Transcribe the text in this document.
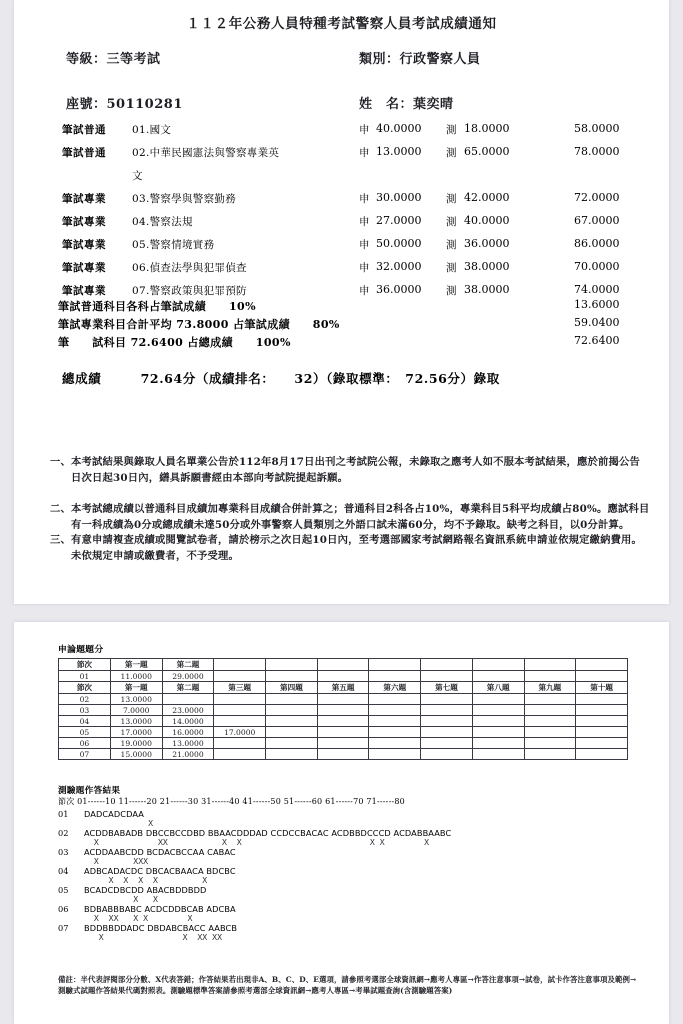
１１２年公務人員特種考試警察人員考試成績通知
等級：三等考試	類別：行政警察人員
座號：50110281	姓　名：葉奕晴
筆試普通 01.國文	申 40.0000 測 18.0000	58.0000
筆試普通 02.中華民國憲法與警察專業英	申 13.0000 測 65.0000	78.0000
文
筆試專業 03.警察學與警察勤務	申 30.0000 測 42.0000	72.0000
筆試專業 04.警察法規	申 27.0000 測 40.0000	67.0000
筆試專業 05.警察情境實務	申 50.0000 測 36.0000	86.0000
筆試專業 06.偵查法學與犯罪偵查	申 32.0000 測 38.0000	70.0000
筆試專業 07.警察政策與犯罪預防	申 36.0000 測 38.0000	74.0000
筆試普通科目各科占筆試成績　　10%	13.6000
筆試專業科目合計平均 73.8000 占筆試成績　　80%	59.0400
筆　　試科目 72.6400 占總成績　　100%	72.6400
總成績　　　72.64分（成績排名：　　32）（錄取標準：　72.56分）錄取
一、本考試結果與錄取人員名單業公告於112年8月17日出刊之考試院公報，未錄取之應考人如不服本考試結果，應於前揭公告日次日起30日內，繕具訴願書經由本部向考試院提起訴願。
二、本考試總成績以普通科目成績加專業科目成績合併計算之；普通科目2科各占10%，專業科目5科平均成績占80%。應試科目有一科成績為0分或總成績未達50分或外事警察人員類別之外語口試未滿60分，均不予錄取。缺考之科目，以0分計算。
三、有意申請複查成績或閱覽試卷者，請於榜示之次日起10日內，至考選部國家考試網路報名資訊系統申請並依規定繳納費用。未依規定申請或繳費者，不予受理。
申論題題分
節次	第一題	第二題								
01	11.0000	29.0000								
節次	第一題	第二題	第三題	第四題	第五題	第六題	第七題	第八題	第九題	第十題
02	13.0000									
03	7.0000	23.0000								
04	13.0000	14.0000								
05	17.0000	16.0000	17.0000							
06	19.0000	13.0000								
07	15.0000	21.0000								
測驗題作答結果
節次 01------10 11------20 21------30 31------40 41------50 51------60 61------70 71------80
01 DADCADCDAA
X
02 ACDDBABADB DBCCBCCDBD BBAACDDDAD CCDCCBACAC ACDBBDCCCD ACDABBAABC
X            XX           X  X                          X X        X
03 ACDDAABCDD BCDACBCCAA CABAC
X       XXX
04 ADBCADACDC DBCACBAACA BDCBC
X  X  X  X         X
05 BCADCDBCDD ABACBDDBDD
X   X
06 BDBABBBABC ACDCDDBCAB ADCBA
X  XX   X X        X
07 BDDBBDDADC DBDABCBACC AABCB
X                X  XX XX
備註：半代表評閱部分分數、X代表答錯；作答結果若出現非A、B、C、D、E選項，請參照考選部全球資訊網→應考人專區→作答注意事項→試卷，試卡作答注意事項及範例→測驗式試題作答結果代碼對照表。測驗題標準答案請參照考選部全球資訊網→應考人專區→考畢試題查詢(含測驗題答案)
